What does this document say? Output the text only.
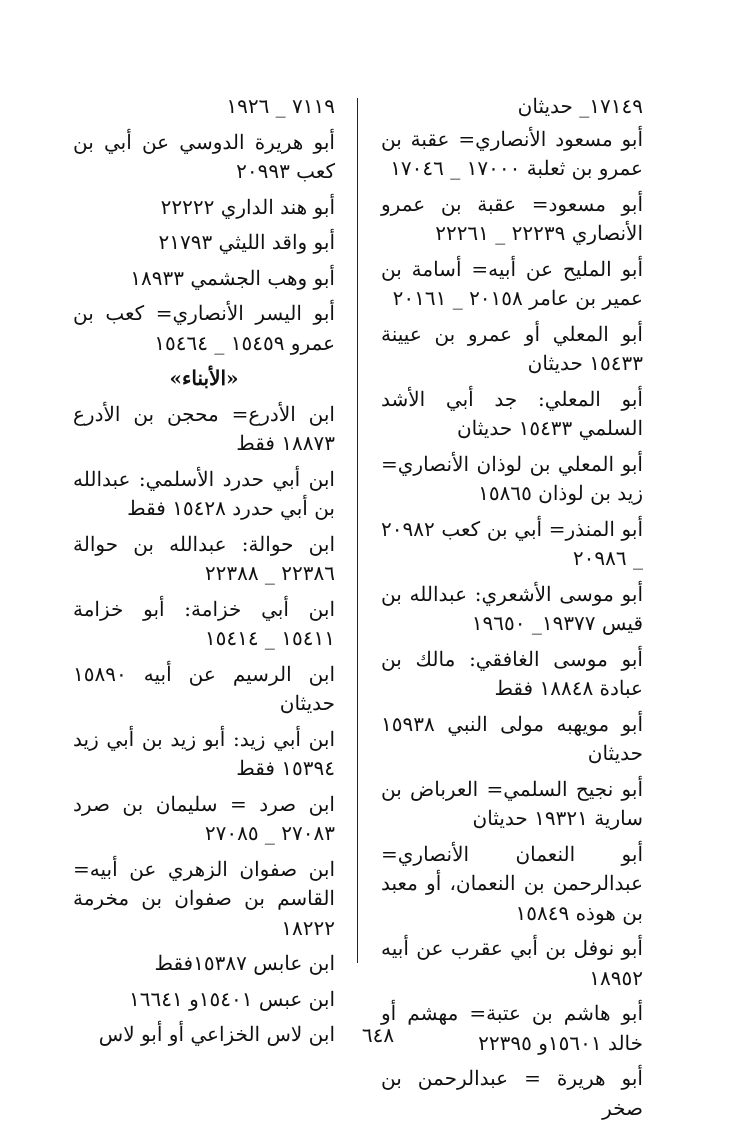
١٧١٤٩_ حديثان
أبو مسعود الأنصاري= عقبة بن عمرو بن ثعلبة ١٧٠٠٠ _ ١٧٠٤٦
أبو مسعود= عقبة بن عمرو الأنصاري ٢٢٢٣٩ _ ٢٢٢٦١
أبو المليح عن أبيه= أسامة بن عمير بن عامر ٢٠١٥٨ _ ٢٠١٦١
أبو المعلي أو عمرو بن عيينة ١٥٤٣٣ حديثان
أبو المعلي: جد أبي الأشد السلمي ١٥٤٣٣ حديثان
أبو المعلي بن لوذان الأنصاري= زيد بن لوذان ١٥٨٦٥
أبو المنذر= أبي بن كعب ٢٠٩٨٢ _ ٢٠٩٨٦
أبو موسى الأشعري: عبدالله بن قيس ١٩٣٧٧_ ١٩٦٥٠
أبو موسى الغافقي: مالك بن عبادة ١٨٨٤٨ فقط
أبو مويهبه مولى النبي ١٥٩٣٨ حديثان
أبو نجيح السلمي= العرباض بن سارية ١٩٣٢١ حديثان
أبو النعمان الأنصاري= عبدالرحمن بن النعمان، أو معبد بن هوذه ١٥٨٤٩
أبو نوفل بن أبي عقرب عن أبيه ١٨٩٥٢
أبو هاشم بن عتبة= مهشم أو خالد ١٥٦٠١و ٢٢٣٩٥
أبو هريرة = عبدالرحمن بن صخر
٧١١٩ _ ١٩٢٦
أبو هريرة الدوسي عن أبي بن كعب ٢٠٩٩٣
أبو هند الداري ٢٢٢٢٢
أبو واقد الليثي ٢١٧٩٣
أبو وهب الجشمي ١٨٩٣٣
أبو اليسر الأنصاري= كعب بن عمرو ١٥٤٥٩ _ ١٥٤٦٤
«الأبناء»
ابن الأدرع= محجن بن الأدرع ١٨٨٧٣ فقط
ابن أبي حدرد الأسلمي: عبدالله بن أبي حدرد ١٥٤٢٨ فقط
ابن حوالة: عبدالله بن حوالة ٢٢٣٨٦ _ ٢٢٣٨٨
ابن أبي خزامة: أبو خزامة ١٥٤١١ _ ١٥٤١٤
ابن الرسيم عن أبيه ١٥٨٩٠ حديثان
ابن أبي زيد: أبو زيد بن أبي زيد ١٥٣٩٤ فقط
ابن صرد = سليمان بن صرد ٢٧٠٨٣ _ ٢٧٠٨٥
ابن صفوان الزهري عن أبيه= القاسم بن صفوان بن مخرمة ١٨٢٢٢
ابن عابس ١٥٣٨٧فقط
ابن عبس ١٥٤٠١و ١٦٦٤١
ابن لاس الخزاعي أو أبو لاس	٦٤٨
